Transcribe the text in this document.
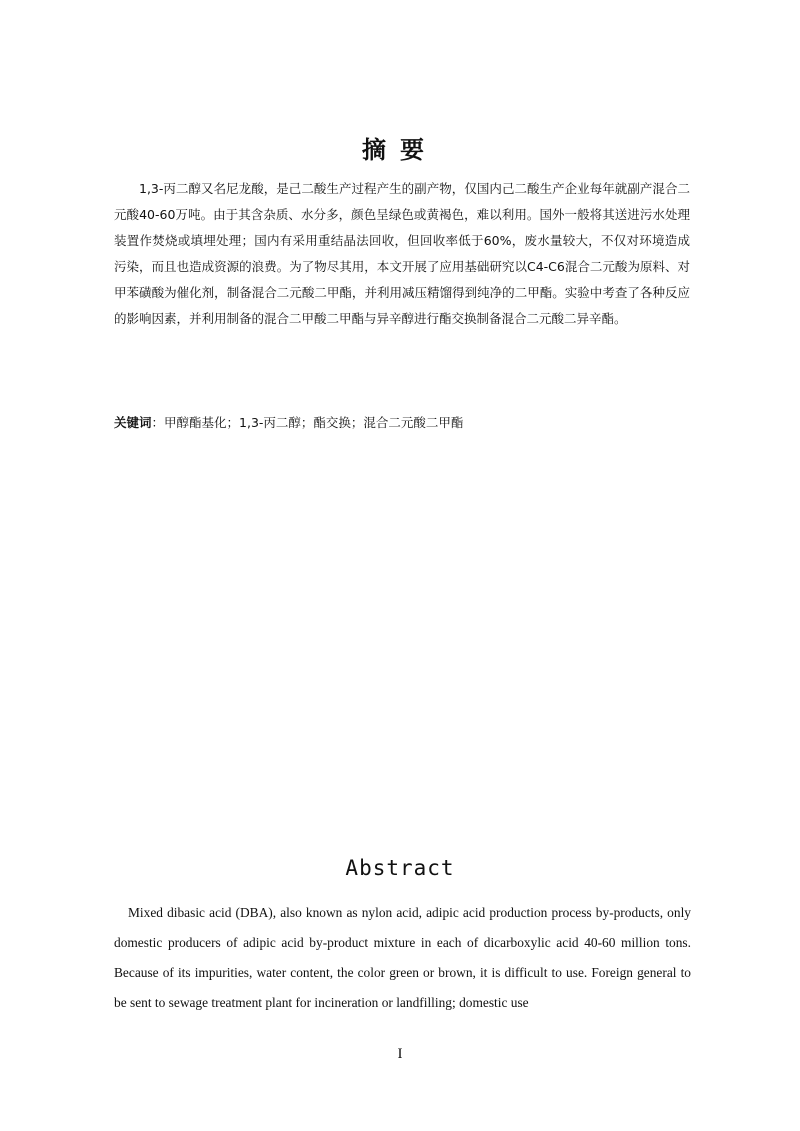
摘要

1,3-丙二醇又名尼龙酸，是己二酸生产过程产生的副产物，仅国内己二酸生产企业每年就副产混合二元酸40-60万吨。由于其含杂质、水分多，颜色呈绿色或黄褐色，难以利用。国外一般将其送进污水处理装置作焚烧或填埋处理；国内有采用重结晶法回收，但回收率低于60%，废水量较大，不仅对环境造成污染，而且也造成资源的浪费。为了物尽其用，本文开展了应用基础研究以C4-C6混合二元酸为原料、对甲苯磺酸为催化剂，制备混合二元酸二甲酯，并利用减压精馏得到纯净的二甲酯。实验中考查了各种反应的影响因素，并利用制备的混合二甲酸二甲酯与异辛醇进行酯交换制备混合二元酸二异辛酯。

关键词：甲醇酯基化；1,3-丙二醇；酯交换；混合二元酸二甲酯

Abstract

Mixed dibasic acid (DBA), also known as nylon acid, adipic acid production process by-products, only domestic producers of adipic acid by-product mixture in each of dicarboxylic acid 40-60 million tons. Because of its impurities, water content, the color green or brown, it is difficult to use. Foreign general to be sent to sewage treatment plant for incineration or landfilling; domestic use

I
